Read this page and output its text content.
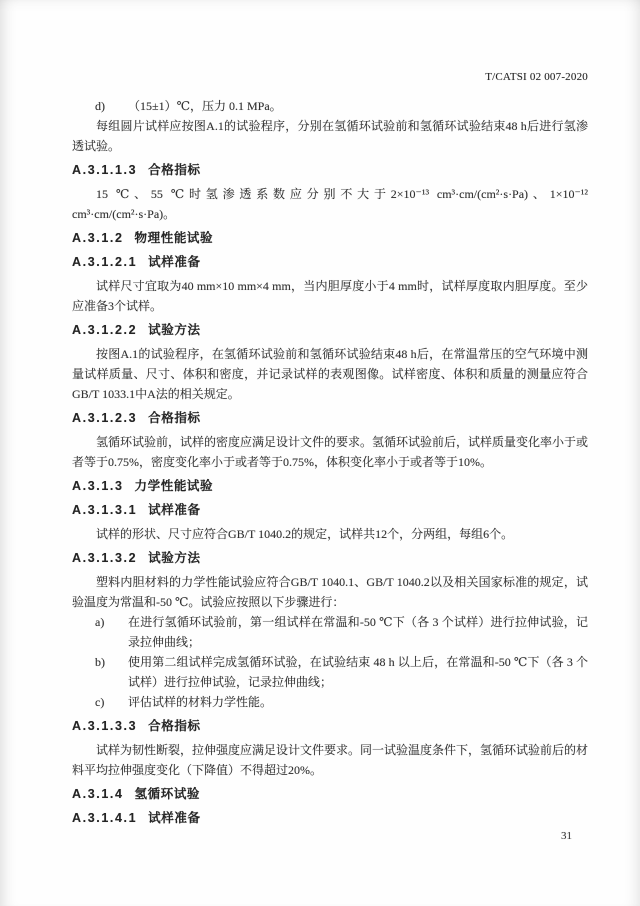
T/CATSI 02 007-2020
d)	（15±1）℃，压力 0.1 MPa。

每组圆片试样应按图A.1的试验程序，分别在氢循环试验前和氢循环试验结束48 h后进行氢渗透试验。

A.3.1.1.3 合格指标

15 ℃、55 ℃时氢渗透系数应分别不大于2×10⁻¹³ cm³·cm/(cm²·s·Pa)、1×10⁻¹² cm³·cm/(cm²·s·Pa)。

A.3.1.2 物理性能试验
A.3.1.2.1 试样准备

试样尺寸宜取为40 mm×10 mm×4 mm，当内胆厚度小于4 mm时，试样厚度取内胆厚度。至少应准备3个试样。

A.3.1.2.2 试验方法

按图A.1的试验程序，在氢循环试验前和氢循环试验结束48 h后，在常温常压的空气环境中测量试样质量、尺寸、体积和密度，并记录试样的表观图像。试样密度、体积和质量的测量应符合GB/T 1033.1中A法的相关规定。

A.3.1.2.3 合格指标

氢循环试验前，试样的密度应满足设计文件的要求。氢循环试验前后，试样质量变化率小于或者等于0.75%，密度变化率小于或者等于0.75%，体积变化率小于或者等于10%。

A.3.1.3 力学性能试验
A.3.1.3.1 试样准备

试样的形状、尺寸应符合GB/T 1040.2的规定，试样共12个，分两组，每组6个。

A.3.1.3.2 试验方法

塑料内胆材料的力学性能试验应符合GB/T 1040.1、GB/T 1040.2以及相关国家标准的规定，试验温度为常温和-50 ℃。试验应按照以下步骤进行：

a)	在进行氢循环试验前，第一组试样在常温和-50 ℃下（各 3 个试样）进行拉伸试验，记录拉伸曲线；
b)	使用第二组试样完成氢循环试验，在试验结束 48 h 以上后，在常温和-50 ℃下（各 3 个试样）进行拉伸试验，记录拉伸曲线；
c)	评估试样的材料力学性能。
A.3.1.3.3 合格指标

试样为韧性断裂，拉伸强度应满足设计文件要求。同一试验温度条件下，氢循环试验前后的材料平均拉伸强度变化（下降值）不得超过20%。

A.3.1.4 氢循环试验
A.3.1.4.1 试样准备
31
